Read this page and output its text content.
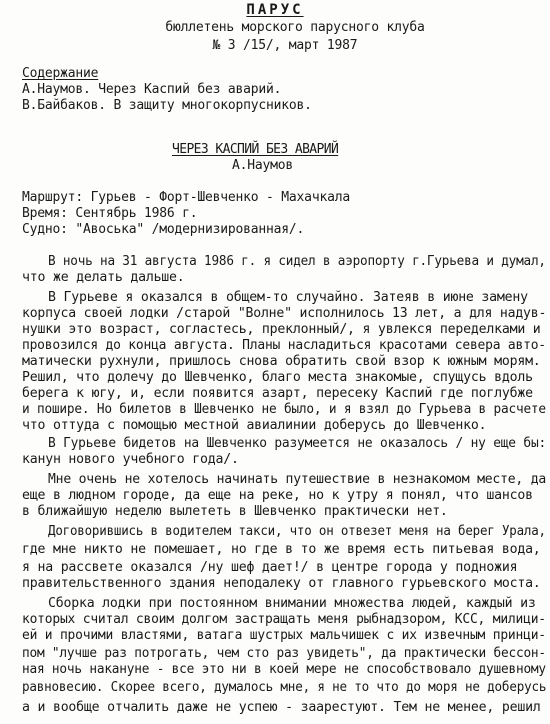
ПАРУС
бюллетень морского парусного клуба
№ 3 /15/, март 1987
Содержание
А.Наумов. Через Каспий без аварий.
В.Байбаков. В защиту многокорпусников.
ЧЕРЕЗ КАСПИЙ БЕЗ АВАРИЙ
А.Наумов
Маршрут: Гурьев - Форт-Шевченко - Махачкала
Время: Сентябрь 1986 г.
Судно: "Авоська" /модернизированная/.
В ночь на 31 августа 1986 г. я сидел в аэропорту г.Гурьева и думал,
что же делать дальше.
В Гурьеве я оказался в общем-то случайно. Затеяв в июне замену
корпуса своей лодки /старой "Волне" исполнилось 13 лет, а для надув-
нушки это возраст, согластесь, преклонный/, я увлекся переделками и
провозился до конца августа. Планы насладиться красотами севера авто-
матически рухнули, пришлось снова обратить свой взор к южным морям.
Решил, что долечу до Шевченко, благо места знакомые, спущусь вдоль
берега к югу, и, если появится азарт, пересеку Каспий где поглубже
и пошире. Но билетов в Шевченко не было, и я взял до Гурьева в расчете
что оттуда с помощью местной авиалинии доберусь до Шевченко.
В Гурьеве бидетов на Шевченко разумеется не оказалось / ну еще бы:
канун нового учебного года/.
Мне очень не хотелось начинать путешествие в незнакомом месте, да
еще в людном городе, да еще на реке, но к утру я понял, что шансов
в ближайшую неделю вылететь в Шевченко практически нет.
Договорившись в водителем такси, что он отвезет меня на берег Урала,
где мне никто не помешает, но где в то же время есть питьевая вода,
я на рассвете оказался /ну шеф дает!/ в центре города у подножия
правительственного здания неподалеку от главного гурьевского моста.
Сборка лодки при постоянном внимании множества людей, каждый из
которых считал своим долгом застращать меня рыбнадзором, КСС, милици-
ей и прочими властями, ватага шустрых мальчишек с их извечным принци-
пом "лучше раз потрогать, чем сто раз увидеть", да практически бессон-
ная ночь накануне - все это ни в коей мере не способствовало душевному
равновесию. Скорее всего, думалось мне, я не то что до моря не доберусь
а и вообще отчалить даже не успею - заарестуют. Тем не менее, решил
